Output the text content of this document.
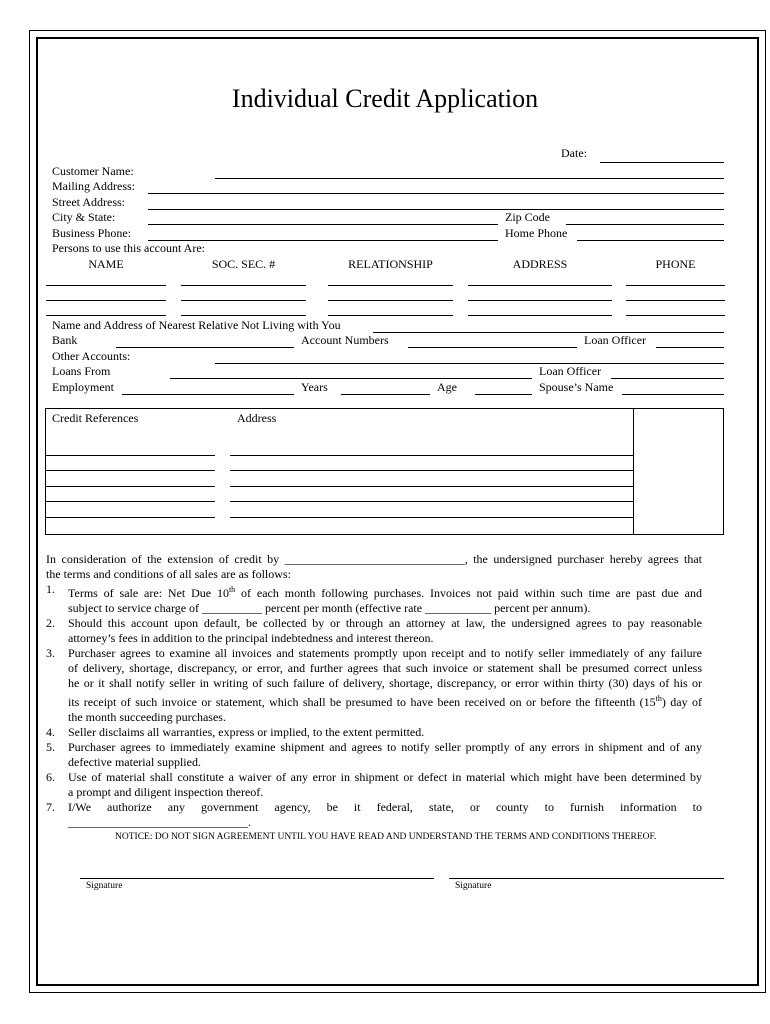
Individual Credit Application
Date:
Customer Name:
Mailing Address:
Street Address:
City & State:	Zip Code
Business Phone:	Home Phone
Persons to use this account Are:
NAME	SOC. SEC. #	RELATIONSHIP	ADDRESS	PHONE
Name and Address of Nearest Relative Not Living with You
Bank	Account Numbers	Loan Officer
Other Accounts:
Loans From	Loan Officer
Employment	Years	Age	Spouse’s Name
Credit References	Address

In consideration of the extension of credit by ______________________________, the undersigned purchaser hereby agrees that

the terms and conditions of all sales are as follows:

1. Terms of sale are: Net Due 10th of each month following purchases. Invoices not paid within such time are past due and

subject to service charge of __________ percent per month (effective rate ___________ percent per annum).

2. Should this account upon default, be collected by or through an attorney at law, the undersigned agrees to pay reasonable

attorney’s fees in addition to the principal indebtedness and interest thereon.

3. Purchaser agrees to examine all invoices and statements promptly upon receipt and to notify seller immediately of any failure

of delivery, shortage, discrepancy, or error, and further agrees that such invoice or statement shall be presumed correct unless

he or it shall notify seller in writing of such failure of delivery, shortage, discrepancy, or error within thirty (30) days of his or

its receipt of such invoice or statement, which shall be presumed to have been received on or before the fifteenth (15th) day of

the month succeeding purchases.

4. Seller disclaims all warranties, express or implied, to the extent permitted.

5. Purchaser agrees to immediately examine shipment and agrees to notify seller promptly of any errors in shipment and of any

defective material supplied.

6. Use of material shall constitute a waiver of any error in shipment or defect in material which might have been determined by

a prompt and diligent inspection thereof.

7. I/We authorize any government agency, be it federal, state, or county to furnish information to

______________________________.

NOTICE: DO NOT SIGN AGREEMENT UNTIL YOU HAVE READ AND UNDERSTAND THE TERMS AND CONDITIONS THEREOF.
Signature	Signature
